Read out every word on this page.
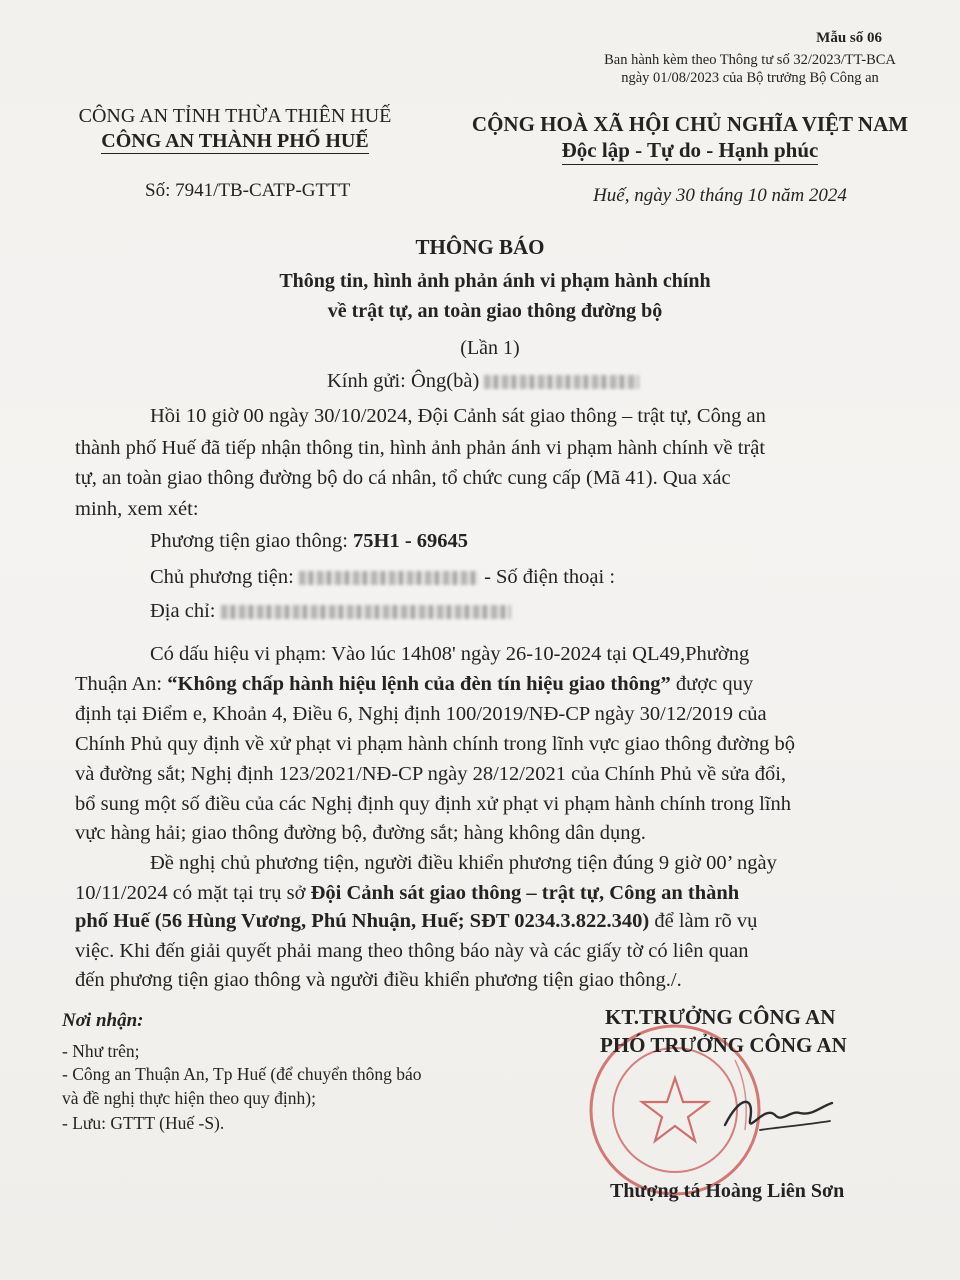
Mẫu số 06
Ban hành kèm theo Thông tư số 32/2023/TT-BCA
ngày 01/08/2023 của Bộ trưởng Bộ Công an
CÔNG AN TỈNH THỪA THIÊN HUẾ
CÔNG AN THÀNH PHỐ HUẾ
CỘNG HOÀ XÃ HỘI CHỦ NGHĨA VIỆT NAM
Độc lập - Tự do - Hạnh phúc
Số: 7941/TB-CATP-GTTT	Huế, ngày 30 tháng 10 năm 2024
THÔNG BÁO
Thông tin, hình ảnh phản ánh vi phạm hành chính
về trật tự, an toàn giao thông đường bộ
(Lần 1)
Kính gửi: Ông(bà)
Hồi 10 giờ 00 ngày 30/10/2024, Đội Cảnh sát giao thông – trật tự, Công an
thành phố Huế đã tiếp nhận thông tin, hình ảnh phản ánh vi phạm hành chính về trật
tự, an toàn giao thông đường bộ do cá nhân, tổ chức cung cấp (Mã 41). Qua xác
minh, xem xét:
Phương tiện giao thông: 75H1 - 69645
Chủ phương tiện:	- Số điện thoại :
Địa chỉ:
Có dấu hiệu vi phạm: Vào lúc 14h08' ngày 26-10-2024 tại QL49,Phường
Thuận An: “Không chấp hành hiệu lệnh của đèn tín hiệu giao thông” được quy
định tại Điểm e, Khoản 4, Điều 6, Nghị định 100/2019/NĐ-CP ngày 30/12/2019 của
Chính Phủ quy định về xử phạt vi phạm hành chính trong lĩnh vực giao thông đường bộ
và đường sắt; Nghị định 123/2021/NĐ-CP ngày 28/12/2021 của Chính Phủ về sửa đổi,
bổ sung một số điều của các Nghị định quy định xử phạt vi phạm hành chính trong lĩnh
vực hàng hải; giao thông đường bộ, đường sắt; hàng không dân dụng.
Đề nghị chủ phương tiện, người điều khiển phương tiện đúng 9 giờ 00’ ngày
10/11/2024 có mặt tại trụ sở Đội Cảnh sát giao thông – trật tự, Công an thành
phố Huế (56 Hùng Vương, Phú Nhuận, Huế; SĐT 0234.3.822.340) để làm rõ vụ
việc. Khi đến giải quyết phải mang theo thông báo này và các giấy tờ có liên quan
đến phương tiện giao thông và người điều khiển phương tiện giao thông./.
Nơi nhận:
- Như trên;
- Công an Thuận An, Tp Huế (để chuyển thông báo
và đề nghị thực hiện theo quy định);
- Lưu: GTTT (Huế -S).
KT.TRƯỞNG CÔNG AN
PHÓ TRƯỞNG CÔNG AN
Thượng tá Hoàng Liên Sơn
